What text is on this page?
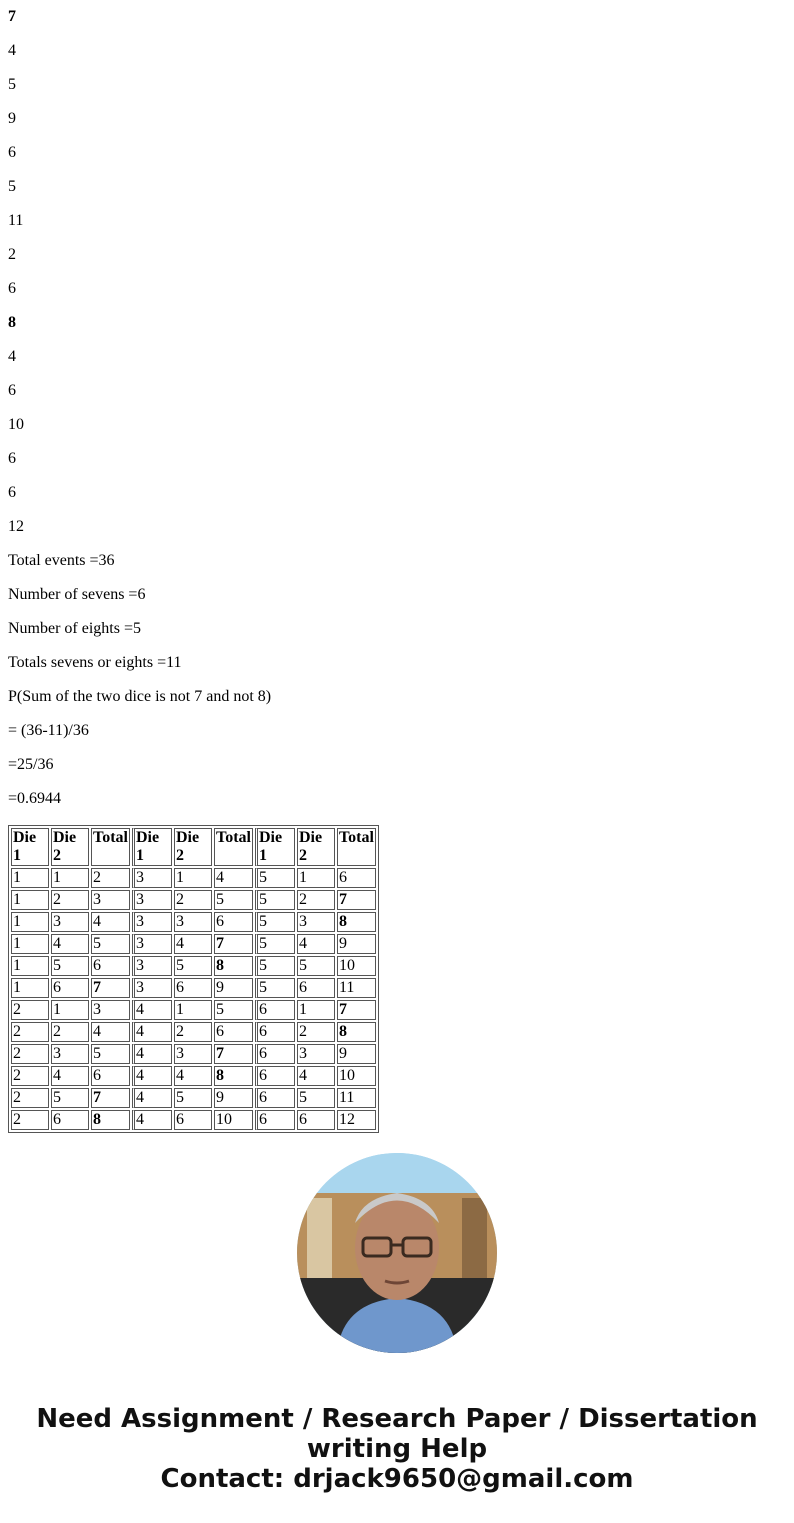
7
4
5
9
6
5
11
2
6
8
4
6
10
6
6
12
Total events =36
Number of sevens =6
Number of eights =5
Totals sevens or eights =11
P(Sum of the two dice is not 7 and not 8)
= (36-11)/36
=25/36
=0.6944
Die 1	Die 2	Total	Die 1	Die 2	Total	Die 1	Die 2	Total
1	1	2	3	1	4	5	1	6
1	2	3	3	2	5	5	2	7
1	3	4	3	3	6	5	3	8
1	4	5	3	4	7	5	4	9
1	5	6	3	5	8	5	5	10
1	6	7	3	6	9	5	6	11
2	1	3	4	1	5	6	1	7
2	2	4	4	2	6	6	2	8
2	3	5	4	3	7	6	3	9
2	4	6	4	4	8	6	4	10
2	5	7	4	5	9	6	5	11
2	6	8	4	6	10	6	6	12
Need Assignment / Research Paper / Dissertation
writing Help
Contact: drjack9650@gmail.com
